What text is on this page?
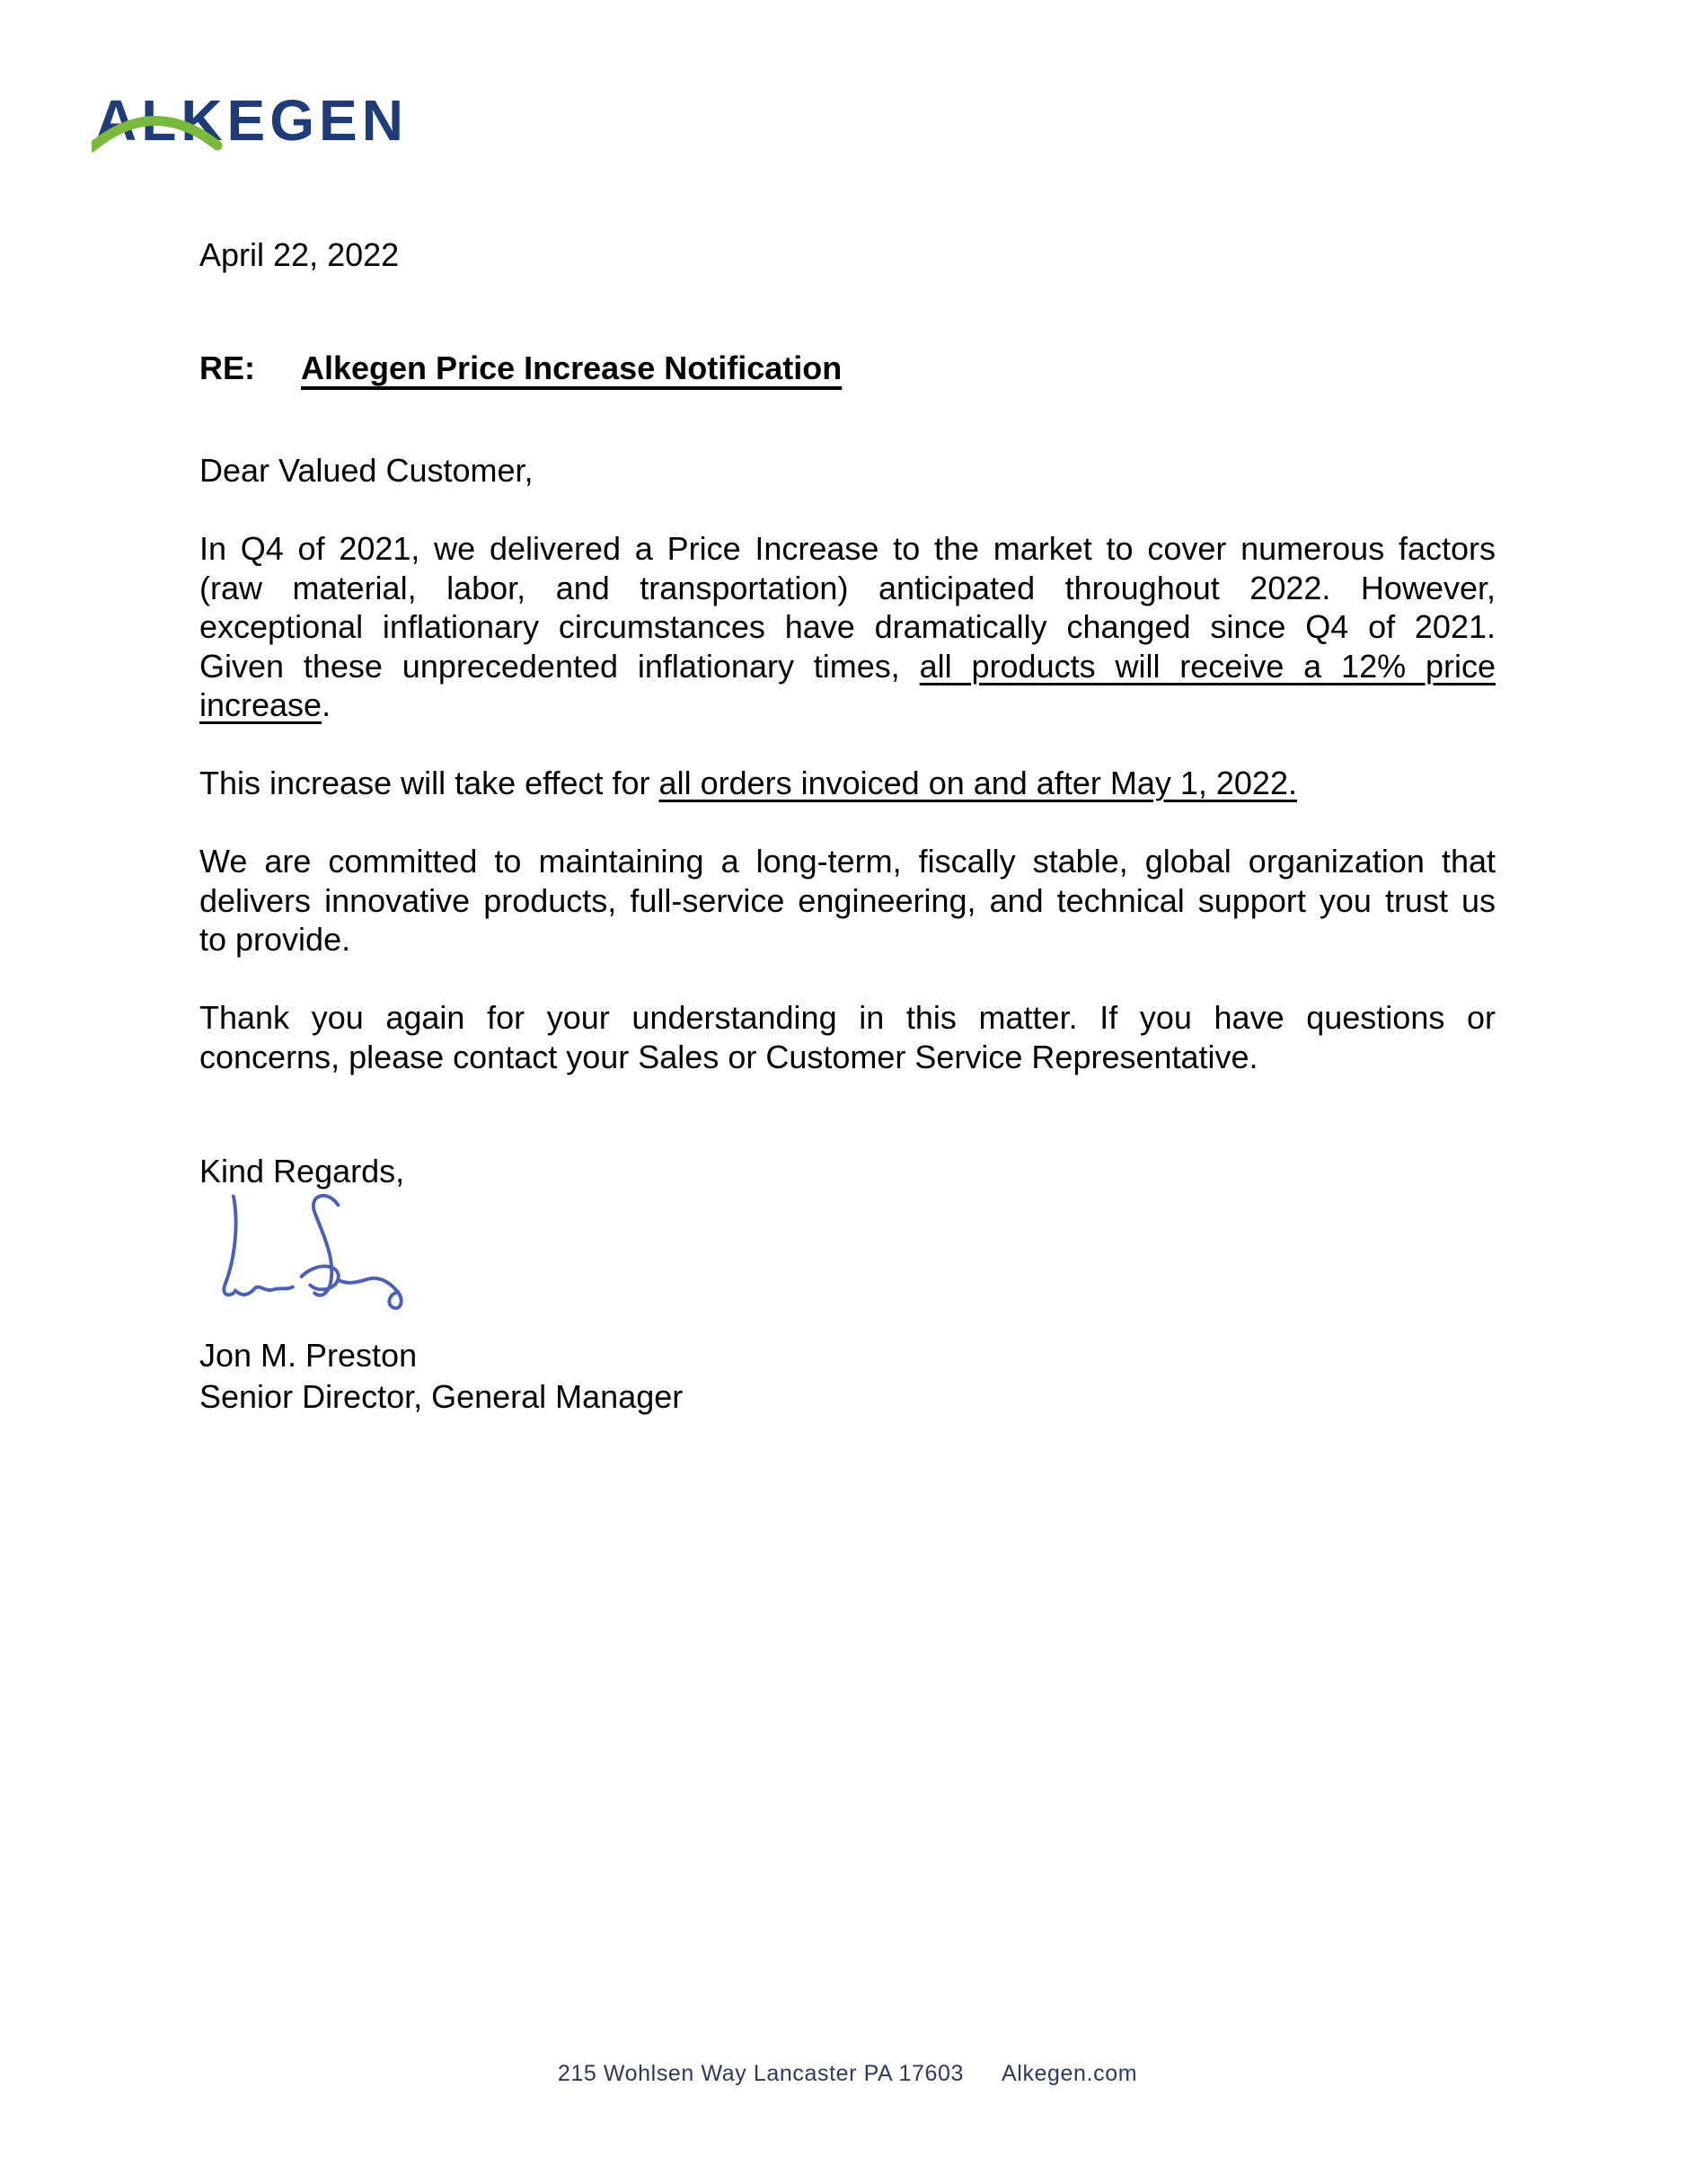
ALKEGEN
April 22, 2022
RE: Alkegen Price Increase Notification
Dear Valued Customer,
In Q4 of 2021, we delivered a Price Increase to the market to cover numerous factors
(raw material, labor, and transportation) anticipated throughout 2022. However,
exceptional inflationary circumstances have dramatically changed since Q4 of 2021.
Given these unprecedented inflationary times, all products will receive a 12% price
increase.
This increase will take effect for all orders invoiced on and after May 1, 2022.
We are committed to maintaining a long-term, fiscally stable, global organization that
delivers innovative products, full-service engineering, and technical support you trust us
to provide.
Thank you again for your understanding in this matter. If you have questions or
concerns, please contact your Sales or Customer Service Representative.
Kind Regards,
Jon M. Preston
Senior Director, General Manager
215 Wohlsen Way Lancaster PA 17603 Alkegen.com
